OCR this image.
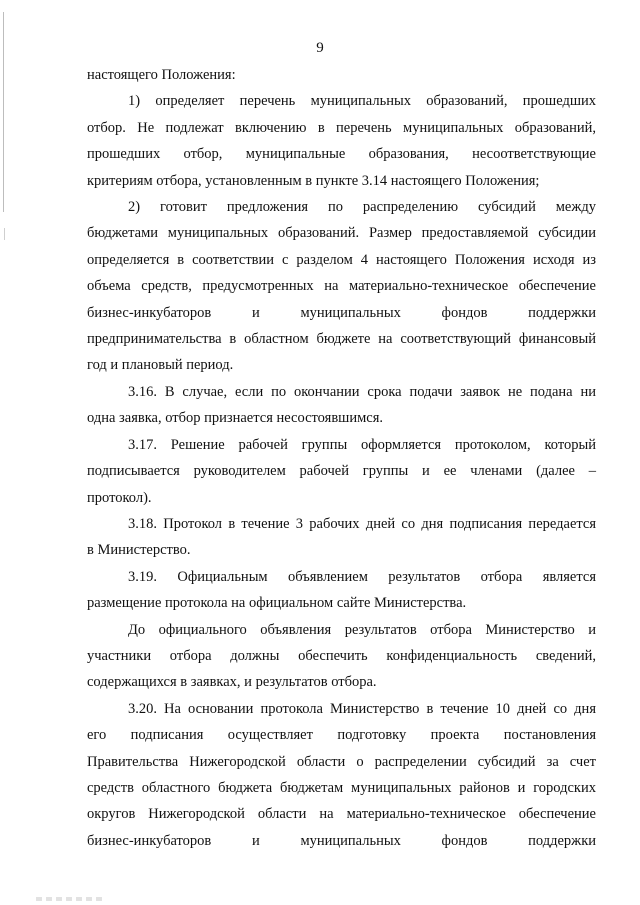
9

настоящего Положения:
1) определяет перечень муниципальных образований, прошедших
отбор. Не подлежат включению в перечень муниципальных образований,
прошедших отбор, муниципальные образования, несоответствующие
критериям отбора, установленным в пункте 3.14 настоящего Положения;
2) готовит предложения по распределению субсидий между
бюджетами муниципальных образований. Размер предоставляемой субсидии
определяется в соответствии с разделом 4 настоящего Положения исходя из
объема средств, предусмотренных на материально-техническое обеспечение
бизнес-инкубаторов и муниципальных фондов поддержки
предпринимательства в областном бюджете на соответствующий финансовый
год и плановый период.
3.16. В случае, если по окончании срока подачи заявок не подана ни
одна заявка, отбор признается несостоявшимся.
3.17. Решение рабочей группы оформляется протоколом, который
подписывается руководителем рабочей группы и ее членами (далее –
протокол).
3.18. Протокол в течение 3 рабочих дней со дня подписания передается
в Министерство.
3.19. Официальным объявлением результатов отбора является
размещение протокола на официальном сайте Министерства.
До официального объявления результатов отбора Министерство и
участники отбора должны обеспечить конфиденциальность сведений,
содержащихся в заявках, и результатов отбора.
3.20. На основании протокола Министерство в течение 10 дней со дня
его подписания осуществляет подготовку проекта постановления
Правительства Нижегородской области о распределении субсидий за счет
средств областного бюджета бюджетам муниципальных районов и городских
округов Нижегородской области на материально-техническое обеспечение
бизнес-инкубаторов и муниципальных фондов поддержки
